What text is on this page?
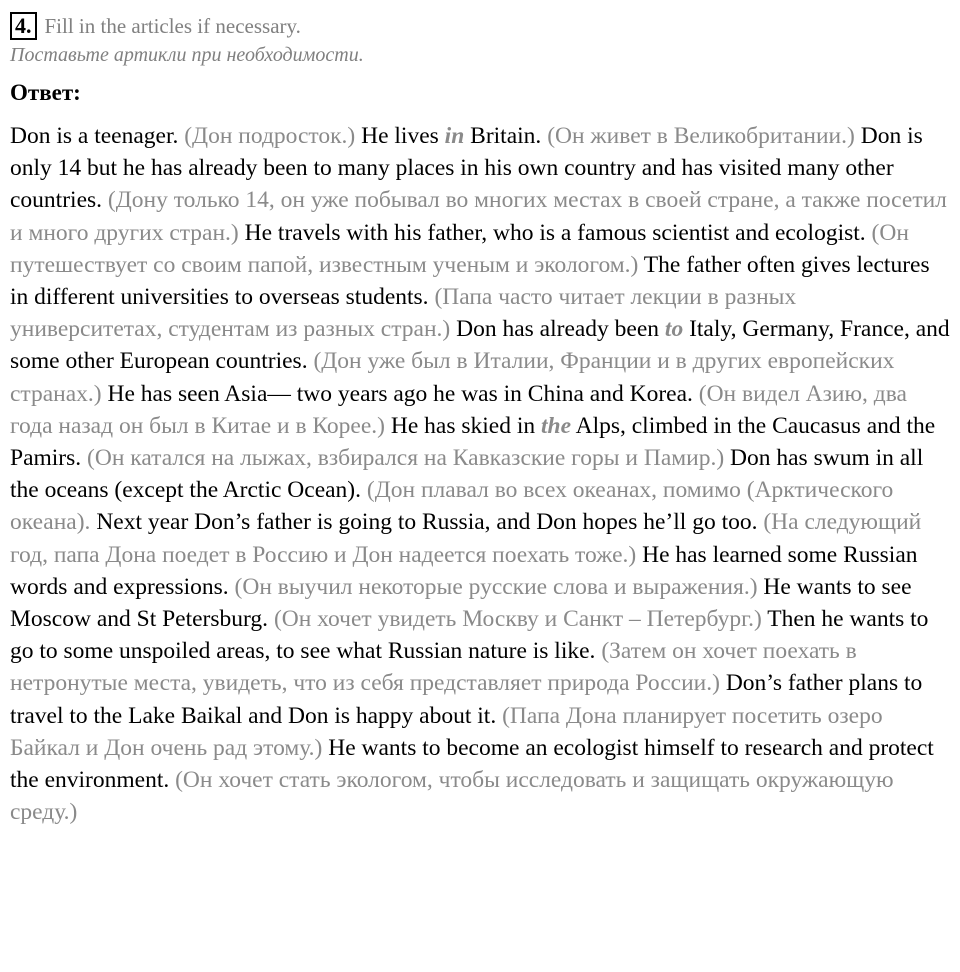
4. Fill in the articles if necessary.
Поставьте артикли при необходимости.
Ответ:
Don is a teenager. (Дон подросток.) He lives in Britain. (Он живет в Великобритании.) Don is only 14 but he has already been to many places in his own country and has visited many other countries. (Дону только 14, он уже побывал во многих местах в своей стране, а также посетил и много других стран.) He travels with his father, who is a famous scientist and ecologist. (Он путешествует со своим папой, известным ученым и экологом.) The father often gives lectures in different universities to overseas students. (Папа часто читает лекции в разных университетах, студентам из разных стран.) Don has already been to Italy, Germany, France, and some other European countries. (Дон уже был в Италии, Франции и в других европейских странах.) He has seen Asia— two years ago he was in China and Korea. (Он видел Азию, два года назад он был в Китае и в Корее.) He has skied in the Alps, climbed in the Caucasus and the Pamirs. (Он катался на лыжах, взбирался на Кавказские горы и Памир.) Don has swum in all the oceans (except the Arctic Ocean). (Дон плавал во всех океанах, помимо (Арктического океана). Next year Don’s father is going to Russia, and Don hopes he’ll go too. (На следующий год, папа Дона поедет в Россию и Дон надеется поехать тоже.) He has learned some Russian words and expressions. (Он выучил некоторые русские слова и выражения.) He wants to see Moscow and St Petersburg. (Он хочет увидеть Москву и Санкт – Петербург.) Then he wants to go to some unspoiled areas, to see what Russian nature is like. (Затем он хочет поехать в нетронутые места, увидеть, что из себя представляет природа России.) Don’s father plans to travel to the Lake Baikal and Don is happy about it. (Папа Дона планирует посетить озеро Байкал и Дон очень рад этому.) He wants to become an ecologist himself to research and protect the environment. (Он хочет стать экологом, чтобы исследовать и защищать окружающую среду.)
